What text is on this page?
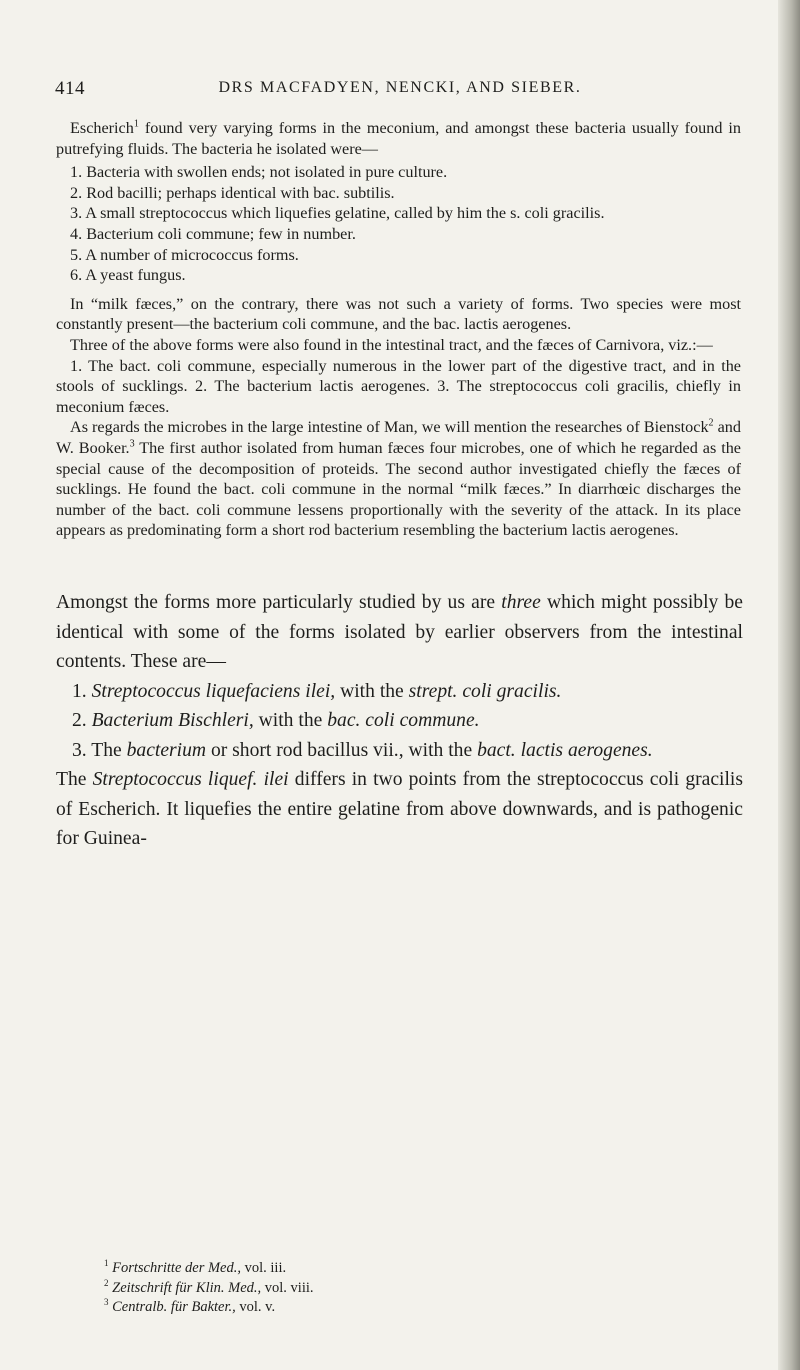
414	DRS MACFADYEN, NENCKI, AND SIEBER.

Escherich$^1$ found very varying forms in the meconium, and amongst these bacteria usually found in putrefying fluids. The bacteria he isolated were—

1. Bacteria with swollen ends; not isolated in pure culture.
2. Rod bacilli; perhaps identical with bac. subtilis.
3. A small streptococcus which liquefies gelatine, called by him the s. coli gracilis.
4. Bacterium coli commune; few in number.
5. A number of micrococcus forms.
6. A yeast fungus.

In “milk fæces,” on the contrary, there was not such a variety of forms. Two species were most constantly present—the bacterium coli commune, and the bac. lactis aerogenes.

Three of the above forms were also found in the intestinal tract, and the fæces of Carnivora, viz.:—

1. The bact. coli commune, especially numerous in the lower part of the digestive tract, and in the stools of sucklings. 2. The bacterium lactis aerogenes. 3. The streptococcus coli gracilis, chiefly in meconium fæces.

As regards the microbes in the large intestine of Man, we will mention the researches of Bienstock$^2$ and W. Booker.$^3$ The first author isolated from human fæces four microbes, one of which he regarded as the special cause of the decomposition of proteids. The second author investigated chiefly the fæces of sucklings. He found the bact. coli commune in the normal “milk fæces.” In diarrhœic discharges the number of the bact. coli commune lessens proportionally with the severity of the attack. In its place appears as predominating form a short rod bacterium resembling the bacterium lactis aerogenes.

Amongst the forms more particularly studied by us are three which might possibly be identical with some of the forms isolated by earlier observers from the intestinal contents. These are—

1. Streptococcus liquefaciens ilei, with the strept. coli gracilis.
2. Bacterium Bischleri, with the bac. coli commune.
3. The bacterium or short rod bacillus vii., with the bact. lactis aerogenes.

The Streptococcus liquef. ilei differs in two points from the streptococcus coli gracilis of Escherich. It liquefies the entire gelatine from above downwards, and is pathogenic for Guinea-

$^1$ Fortschritte der Med., vol. iii.
$^2$ Zeitschrift für Klin. Med., vol. viii.
$^3$ Centralb. für Bakter., vol. v.
